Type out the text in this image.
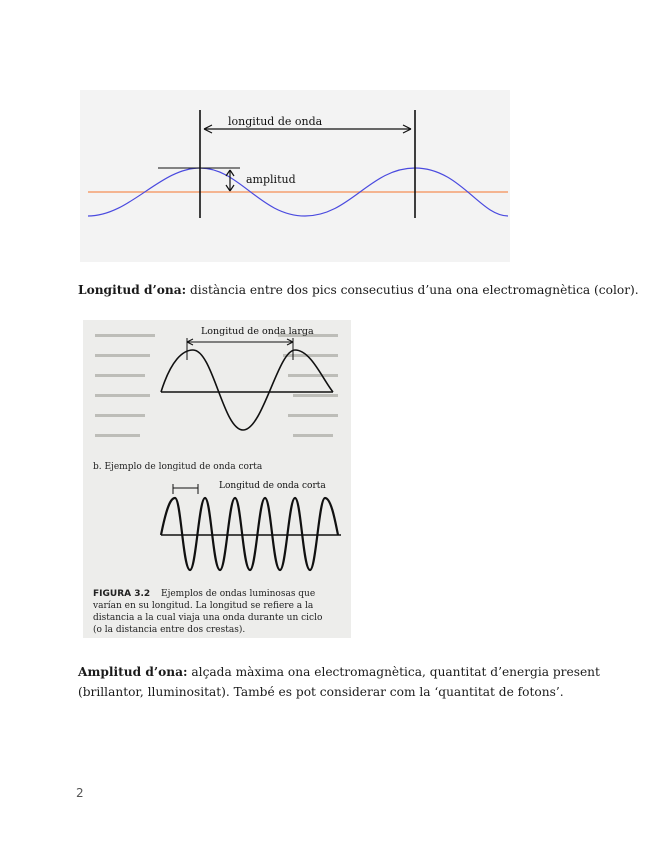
longitud de onda
amplitud

Longitud d’ona: distància entre dos pics consecutius d’una ona electromagnètica (color).

Longitud de onda larga
b. Ejemplo de longitud de onda corta
Longitud de onda corta
FIGURA 3.2 Ejemplos de ondas luminosas que
varían en su longitud. La longitud se refiere a la
distancia a la cual viaja una onda durante un ciclo
(o la distancia entre dos crestas).

Amplitud d’ona: alçada màxima ona electromagnètica, quantitat d’energia present
(brillantor, lluminositat). També es pot considerar com la ‘quantitat de fotons’.

2
